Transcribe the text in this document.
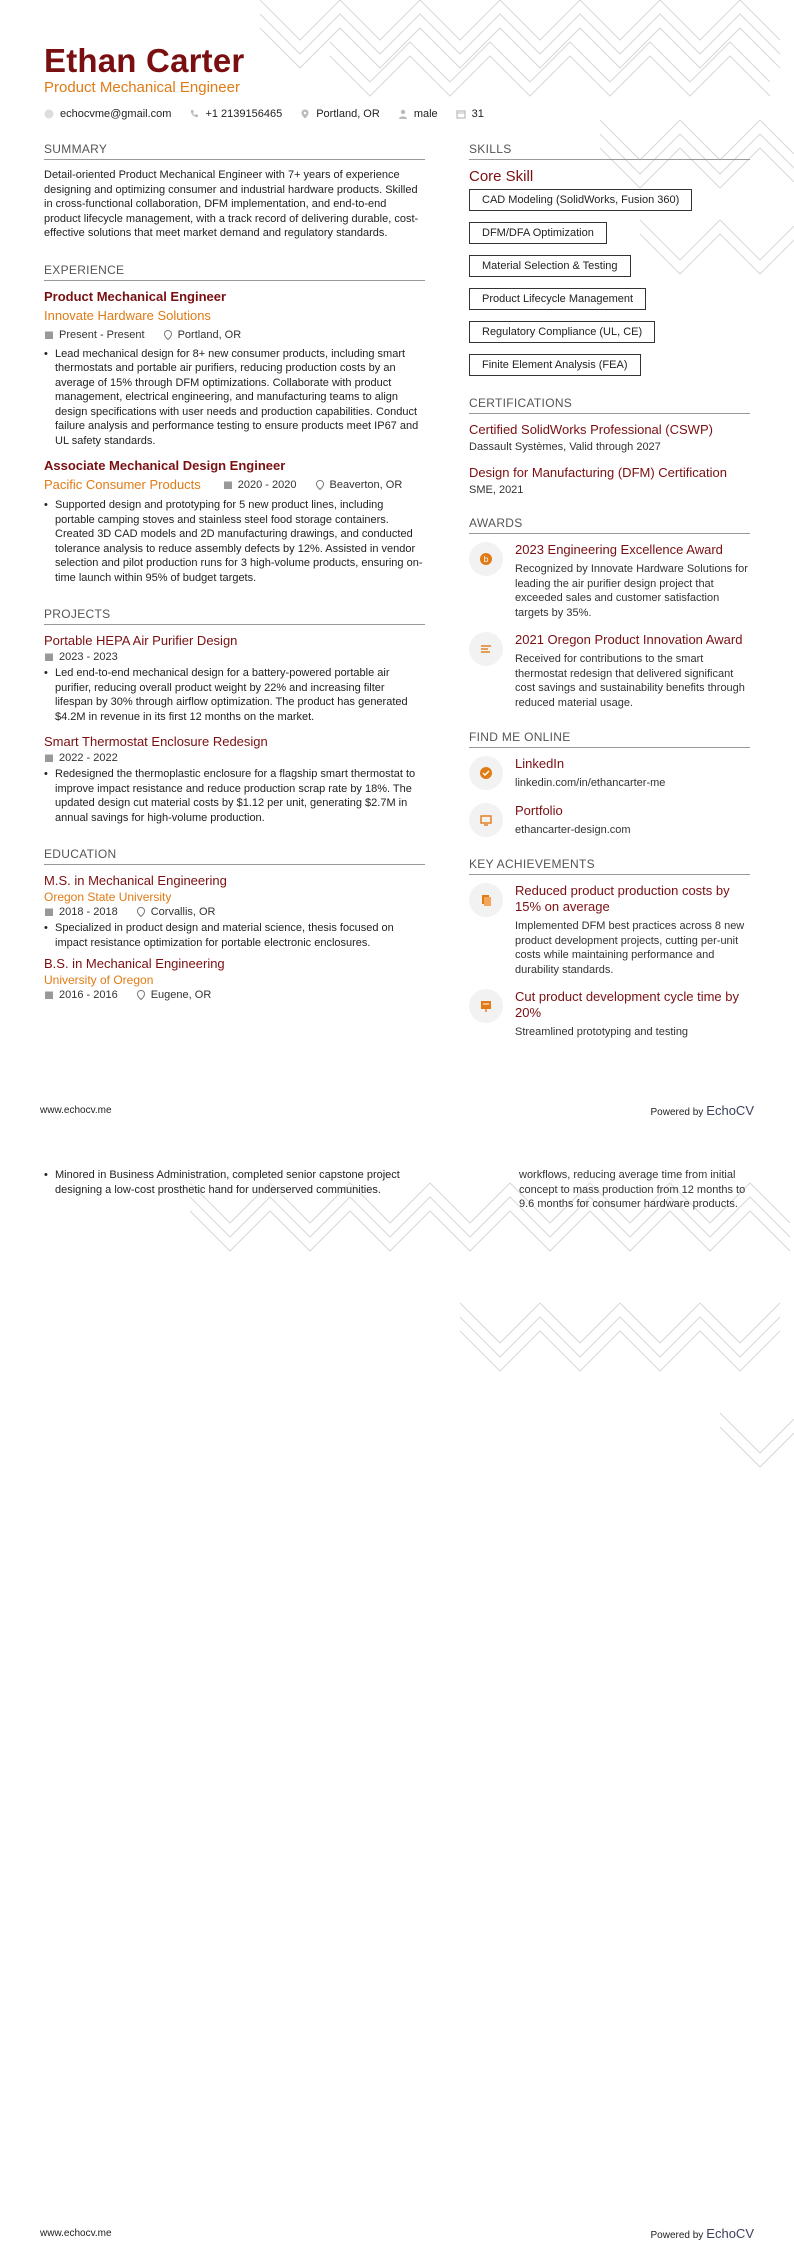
Ethan Carter
Product Mechanical Engineer
echocvme@gmail.com	+1 2139156465	Portland, OR	male	31
SUMMARY
Detail-oriented Product Mechanical Engineer with 7+ years of experience designing and optimizing consumer and industrial hardware products. Skilled in cross-functional collaboration, DFM implementation, and end-to-end product lifecycle management, with a track record of delivering durable, cost-effective solutions that meet market demand and regulatory standards.
EXPERIENCE
Product Mechanical Engineer
Innovate Hardware Solutions
Present - Present	Portland, OR
• Lead mechanical design for 8+ new consumer products, including smart thermostats and portable air purifiers, reducing production costs by an average of 15% through DFM optimizations. Collaborate with product management, electrical engineering, and manufacturing teams to align design specifications with user needs and production capabilities. Conduct failure analysis and performance testing to ensure products meet IP67 and UL safety standards.
Associate Mechanical Design Engineer
Pacific Consumer Products	2020 - 2020	Beaverton, OR
• Supported design and prototyping for 5 new product lines, including portable camping stoves and stainless steel food storage containers. Created 3D CAD models and 2D manufacturing drawings, and conducted tolerance analysis to reduce assembly defects by 12%. Assisted in vendor selection and pilot production runs for 3 high-volume products, ensuring on-time launch within 95% of budget targets.
PROJECTS
Portable HEPA Air Purifier Design
2023 - 2023
• Led end-to-end mechanical design for a battery-powered portable air purifier, reducing overall product weight by 22% and increasing filter lifespan by 30% through airflow optimization. The product has generated $4.2M in revenue in its first 12 months on the market.
Smart Thermostat Enclosure Redesign
2022 - 2022
• Redesigned the thermoplastic enclosure for a flagship smart thermostat to improve impact resistance and reduce production scrap rate by 18%. The updated design cut material costs by $1.12 per unit, generating $2.7M in annual savings for high-volume production.
EDUCATION
M.S. in Mechanical Engineering
Oregon State University
2018 - 2018	Corvallis, OR
• Specialized in product design and material science, thesis focused on impact resistance optimization for portable electronic enclosures.
B.S. in Mechanical Engineering
University of Oregon
2016 - 2016	Eugene, OR
SKILLS
Core Skill
CAD Modeling (SolidWorks, Fusion 360)
DFM/DFA Optimization
Material Selection & Testing
Product Lifecycle Management
Regulatory Compliance (UL, CE)
Finite Element Analysis (FEA)
CERTIFICATIONS
Certified SolidWorks Professional (CSWP)
Dassault Systèmes, Valid through 2027
Design for Manufacturing (DFM) Certification
SME, 2021
AWARDS
b
2023 Engineering Excellence Award
Recognized by Innovate Hardware Solutions for leading the air purifier design project that exceeded sales and customer satisfaction targets by 35%.
2021 Oregon Product Innovation Award
Received for contributions to the smart thermostat redesign that delivered significant cost savings and sustainability benefits through reduced material usage.
FIND ME ONLINE
LinkedIn
linkedin.com/in/ethancarter-me
Portfolio
ethancarter-design.com
KEY ACHIEVEMENTS
Reduced product production costs by 15% on average
Implemented DFM best practices across 8 new product development projects, cutting per-unit costs while maintaining performance and durability standards.
Cut product development cycle time by 20%
Streamlined prototyping and testing
www.echocv.me	Powered by EchoCV
• Minored in Business Administration, completed senior capstone project designing a low-cost prosthetic hand for underserved communities.
workflows, reducing average time from initial concept to mass production from 12 months to 9.6 months for consumer hardware products.
www.echocv.me	Powered by EchoCV
